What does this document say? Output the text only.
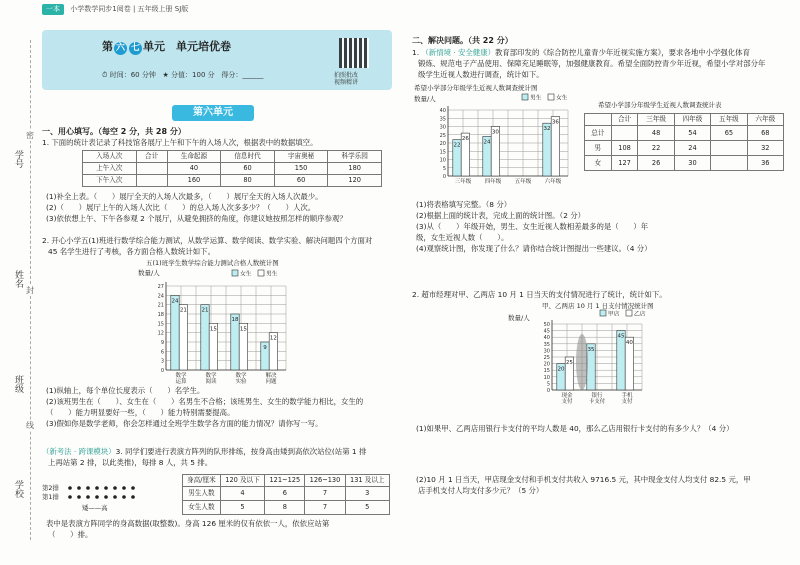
学号
姓名
班级
学校
密
封
线
一本 小学数学同步1阅卷 | 五年级上册 SJ版
第 六 七 单元　单元培优卷
⏱ 时间：60 分钟 ★ 分值：100 分 得分：______	拍照批改
视频精讲
第六单元
一、用心填写。（每空 2 分，共 28 分）
1. 下面的统计表记录了科技馆各展厅上午和下午的入场人次，根据表中的数据填空。
入场人次	合计	生命起源	信息时代	宇宙奥秘	科学乐园
上午入次		40	60	150	180
下午入次		160	80	60	120
(1)补全上表。（　　）展厅全天的入场人次最多，（　　）展厅全天的入场人次最少。
(2)（　　）展厅上午的入场人次比（　　）的总入场人次多多少？（　　）人次。
(3)依依想上午、下午各参观 2 个展厅，从避免拥挤的角度，你建议她按照怎样的顺序参观？
2. 开心小学五(1)班进行数学综合能力测试，从数学运算、数学阅读、数学实验、解决问题四个方面对
45 名学生进行了考核，各方面合格人数统计如下。
五(1)班学生数学综合能力测试合格人数统计图
数量/人
0
3
6
9
12
15
18
21
24
27
24
21
数学
运算
21
15
数学
阅读
18
15
数学
实验
9
12
解决
问题
女生 男生
(1)纵轴上，每个单位长度表示（　　）名学生。
(2)该班男生在（　　）、女生在（　　）名男生不合格；该班男生、女生的数学能力相比，女生的
（　　）能力明显要好一些，（　　）能力特别需要提高。
(3)假如你是数学老师，你会怎样通过全班学生数学各方面的能力情况？请你写一写。
（新考法 · 跨课模块）3. 同学们要进行表演方阵列的队形排练，按身高由矮到高依次站位(站第 1 排
上再站第 2 排，以此类推)，每排 8 人，共 5 排。
第2排
第1排
矮——高
身高/厘米	120 及以下	121~125	126~130	131 及以上
男生人数	4	6	7	3
女生人数	5	8	7	5
表中是表演方阵同学的身高数据(取整数)。身高 126 厘米的仅有依依一人，依依应站第
（　　）排。
二、解决问题。（共 22 分）
1. （新情境 · 安全健康）教育部印发的《综合防控儿童青少年近视实施方案》，要求各地中小学强化体育
锻炼、规范电子产品使用、保障充足睡眠等，加强健康教育。希望全面防控青少年近视，希望小学对部分年
级学生近视人数进行调查，统计如下。
希望小学部分年级学生近视人数调查统计图
数量/人
0
5
10
15
20
25
30
35
40
22
26
三年级
24
30
四年级 五年级
32
36
六年级
男生 女生
希望小学部分年级学生近视人数调查统计表
	合计	三年级	四年级	五年级	六年级
总计		48	54	65	68
男	108	22	24		32
女	127	26	30		36
(1)将表格填写完整。（8 分）
(2)根据上面的统计表，完成上面的统计图。（2 分）
(3)从（　　）年级开始，男生、女生近视人数相差最多的是（　　）年
级，女生近视人数（　　）。
(4)观察统计图，你发现了什么？请你结合统计图提出一些建议。（4 分）
2. 超市经理对甲、乙两店 10 月 1 日当天的支付情况进行了统计，统计如下。
甲、乙两店 10 月 1 日支付情况统计图
数量/人
0
5
10
15
20
25
30
35
40
45
50
20
25
现金
支付
35
银行
卡支付
45
40
手机
支付
甲店 乙店
(1)如果甲、乙两店用银行卡支付的平均人数是 40，那么乙店用银行卡支付的有多少人？（4 分）
(2)10 月 1 日当天，甲店现金支付和手机支付共收入 9716.5 元，其中现金支付人均支付 82.5 元，甲
店手机支付人均支付多少元？（5 分）
